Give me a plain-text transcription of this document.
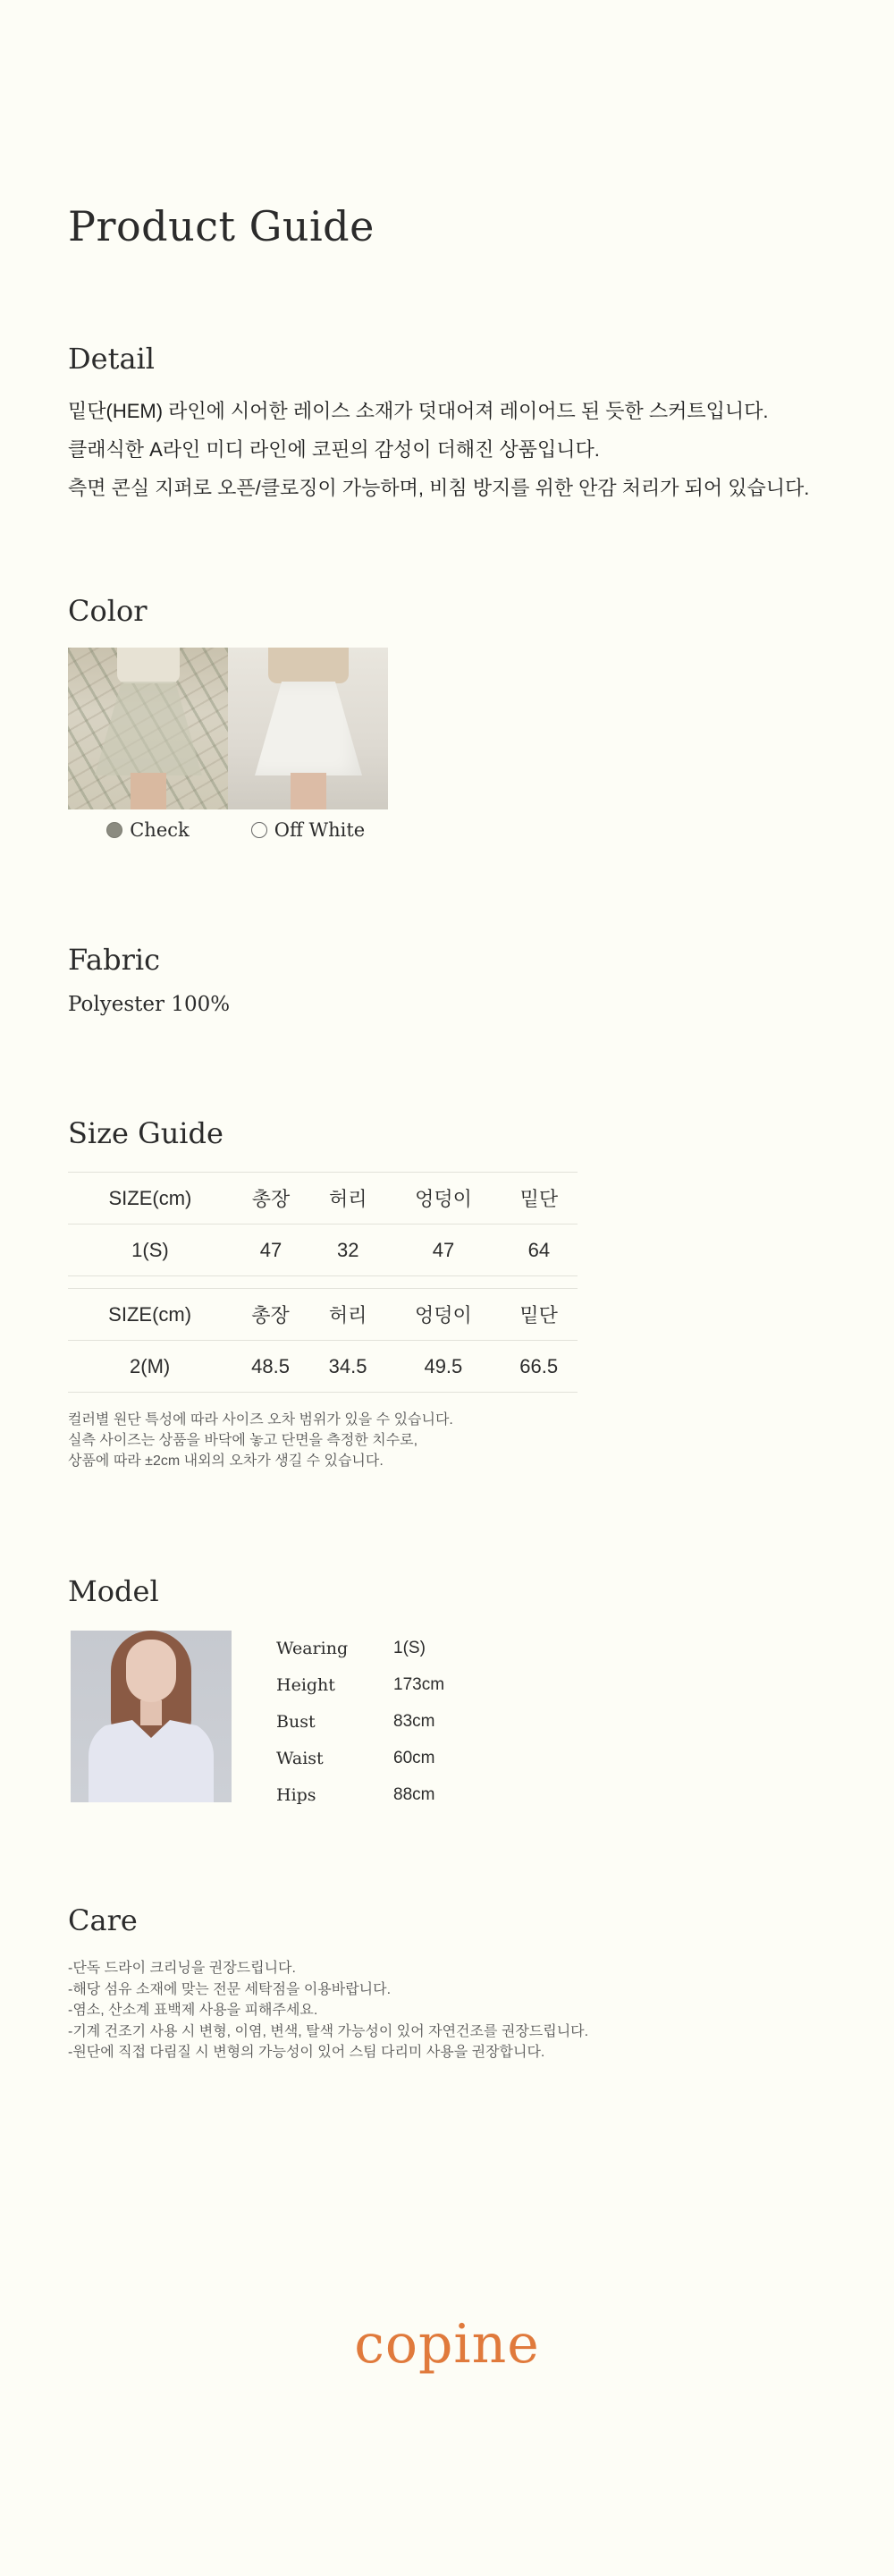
Product Guide
Detail
밑단(HEM) 라인에 시어한 레이스 소재가 덧대어져 레이어드 된 듯한 스커트입니다.
클래식한 A라인 미디 라인에 코핀의 감성이 더해진 상품입니다.
측면 콘실 지퍼로 오픈/클로징이 가능하며, 비침 방지를 위한 안감 처리가 되어 있습니다.
Color
Check	Off White
Fabric

Polyester 100%

Size Guide
SIZE(cm)	총장	허리	엉덩이	밑단
1(S)	47	32	47	64
SIZE(cm)	총장	허리	엉덩이	밑단
2(M)	48.5	34.5	49.5	66.5
컬러별 원단 특성에 따라 사이즈 오차 범위가 있을 수 있습니다.
실측 사이즈는 상품을 바닥에 놓고 단면을 측정한 치수로,
상품에 따라 ±2cm 내외의 오차가 생길 수 있습니다.
Model
Wearing	1(S)
Height	173cm
Bust	83cm
Waist	60cm
Hips	88cm
Care
-단독 드라이 크리닝을 권장드립니다.
-해당 섬유 소재에 맞는 전문 세탁점을 이용바랍니다.
-염소, 산소계 표백제 사용을 피해주세요.
-기계 건조기 사용 시 변형, 이염, 변색, 탈색 가능성이 있어 자연건조를 권장드립니다.
-원단에 직접 다림질 시 변형의 가능성이 있어 스팀 다리미 사용을 권장합니다.
copine
